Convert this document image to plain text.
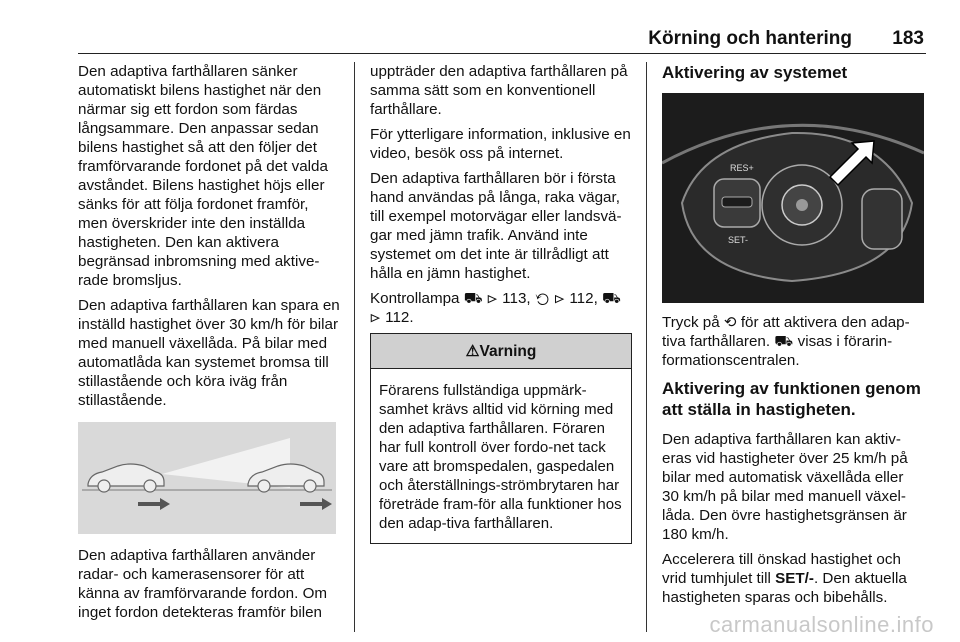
Körning och hantering 183

Den adaptiva farthållaren sänker automatiskt bilens hastighet när den närmar sig ett fordon som färdas långsammare. Den anpassar sedan bilens hastighet så att den följer det framförvarande fordonet på det valda avståndet. Bilens hastighet höjs eller sänks för att följa fordonet framför, men överskrider inte den inställda hastigheten. Den kan aktivera begränsad inbromsning med aktive‐rade bromsljus.

Den adaptiva farthållaren kan spara en inställd hastighet över 30 km/h för bilar med manuell växellåda. På bilar med automatlåda kan systemet bromsa till stillastående och köra iväg från stillastående.

Den adaptiva farthållaren använder radar- och kamerasensorer för att känna av framförvarande fordon. Om inget fordon detekteras framför bilen

uppträder den adaptiva farthållaren på samma sätt som en konventionell farthållare.

För ytterligare information, inklusive en video, besök oss på internet.

Den adaptiva farthållaren bör i första hand användas på långa, raka vägar, till exempel motorvägar eller landsvä‐gar med jämn trafik. Använd inte systemet om det inte är tillrådligt att hålla en jämn hastighet.

Kontrollampa ⛟ ⊳ 113, ⟲ ⊳ 112, ⛟ ⊳ 112.

⚠Varning
Förarens fullständiga uppmärk‐samhet krävs alltid vid körning med den adaptiva farthållaren. Föraren har full kontroll över fordo‐net tack vare att bromspedalen, gaspedalen och återställnings‐strömbrytaren har företräde fram‐för alla funktioner hos den adap‐tiva farthållaren.
Aktivering av systemet
RES+
SET-

Tryck på ⟲ för att aktivera den adap‐tiva farthållaren. ⛟ visas i förarin‐formationscentralen.

Aktivering av funktionen genom att ställa in hastigheten.

Den adaptiva farthållaren kan aktiv‐eras vid hastigheter över 25 km/h på bilar med automatisk växellåda eller 30 km/h på bilar med manuell växel‐låda. Den övre hastighetsgränsen är 180 km/h.

Accelerera till önskad hastighet och vrid tumhjulet till SET/-. Den aktuella hastigheten sparas och bibehålls.

carmanualsonline.info
